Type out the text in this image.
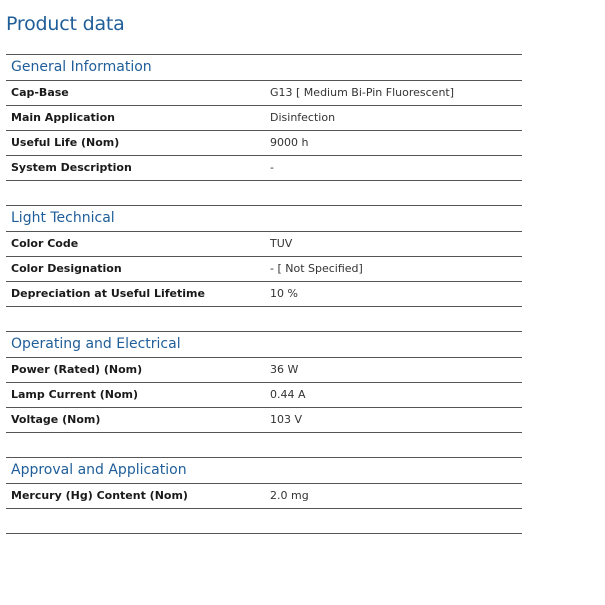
Product data
General Information
Cap-Base	G13 [ Medium Bi-Pin Fluorescent]
Main Application	Disinfection
Useful Life (Nom)	9000 h
System Description	-
Light Technical
Color Code	TUV
Color Designation	- [ Not Specified]
Depreciation at Useful Lifetime	10 %
Operating and Electrical
Power (Rated) (Nom)	36 W
Lamp Current (Nom)	0.44 A
Voltage (Nom)	103 V
Approval and Application
Mercury (Hg) Content (Nom)	2.0 mg
